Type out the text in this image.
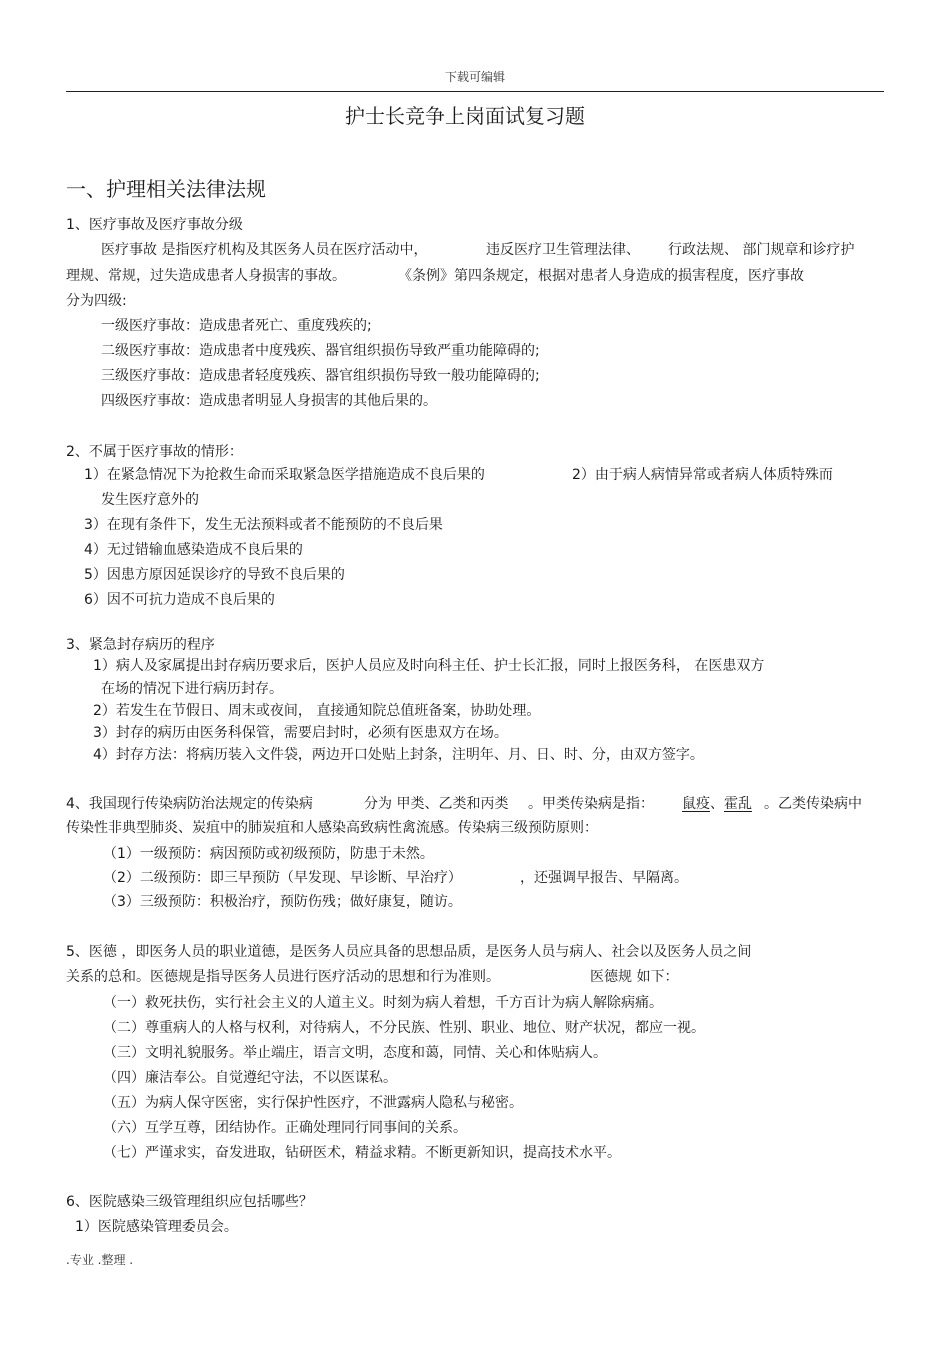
下载可编辑
护士长竞争上岗面试复习题
一、护理相关法律法规
1、医疗事故及医疗事故分级
医疗事故 是指医疗机构及其医务人员在医疗活动中，	违反医疗卫生管理法律、 行政法规、 部门规章和诊疗护
理规、常规，过失造成患者人身损害的事故。	《条例》第四条规定，根据对患者人身造成的损害程度，医疗事故
分为四级:
一级医疗事故：造成患者死亡、重度残疾的;
二级医疗事故：造成患者中度残疾、器官组织损伤导致严重功能障碍的;
三级医疗事故：造成患者轻度残疾、器官组织损伤导致一般功能障碍的;
四级医疗事故：造成患者明显人身损害的其他后果的。
2、不属于医疗事故的情形：
1）在紧急情况下为抢救生命而采取紧急医学措施造成不良后果的	2）由于病人病情异常或者病人体质特殊而
发生医疗意外的
3）在现有条件下，发生无法预料或者不能预防的不良后果
4）无过错输血感染造成不良后果的
5）因患方原因延误诊疗的导致不良后果的
6）因不可抗力造成不良后果的
3、紧急封存病历的程序
1）病人及家属提出封存病历要求后，医护人员应及时向科主任、护士长汇报，同时上报医务科， 在医患双方
在场的情况下进行病历封存。
2）若发生在节假日、周末或夜间， 直接通知院总值班备案，协助处理。
3）封存的病历由医务科保管，需要启封时，必须有医患双方在场。
4）封存方法：将病历装入文件袋，两边开口处贴上封条，注明年、月、日、时、分，由双方签字。
4、我国现行传染病防治法规定的传染病	分为 甲类、乙类和丙类 。甲类传染病是指： 鼠疫、霍乱 。乙类传染病中
传染性非典型肺炎、炭疽中的肺炭疽和人感染高致病性禽流感。传染病三级预防原则：
（1）一级预防：病因预防或初级预防，防患于未然。
（2）二级预防：即三早预防（早发现、早诊断、早治疗）	，还强调早报告、早隔离。
（3）三级预防：积极治疗，预防伤残；做好康复，随访。
5、医德 ，即医务人员的职业道德，是医务人员应具备的思想品质，是医务人员与病人、社会以及医务人员之间
关系的总和。医德规是指导医务人员进行医疗活动的思想和行为准则。	医德规 如下：
（一）救死扶伤，实行社会主义的人道主义。时刻为病人着想，千方百计为病人解除病痛。
（二）尊重病人的人格与权利，对待病人，不分民族、性别、职业、地位、财产状况，都应一视。
（三）文明礼貌服务。举止端庄，语言文明，态度和蔼，同情、关心和体贴病人。
（四）廉洁奉公。自觉遵纪守法，不以医谋私。
（五）为病人保守医密，实行保护性医疗，不泄露病人隐私与秘密。
（六）互学互尊，团结协作。正确处理同行同事间的关系。
（七）严谨求实，奋发进取，钻研医术，精益求精。不断更新知识，提高技术水平。
6、医院感染三级管理组织应包括哪些？
1）医院感染管理委员会。
.专业 .整理 .
